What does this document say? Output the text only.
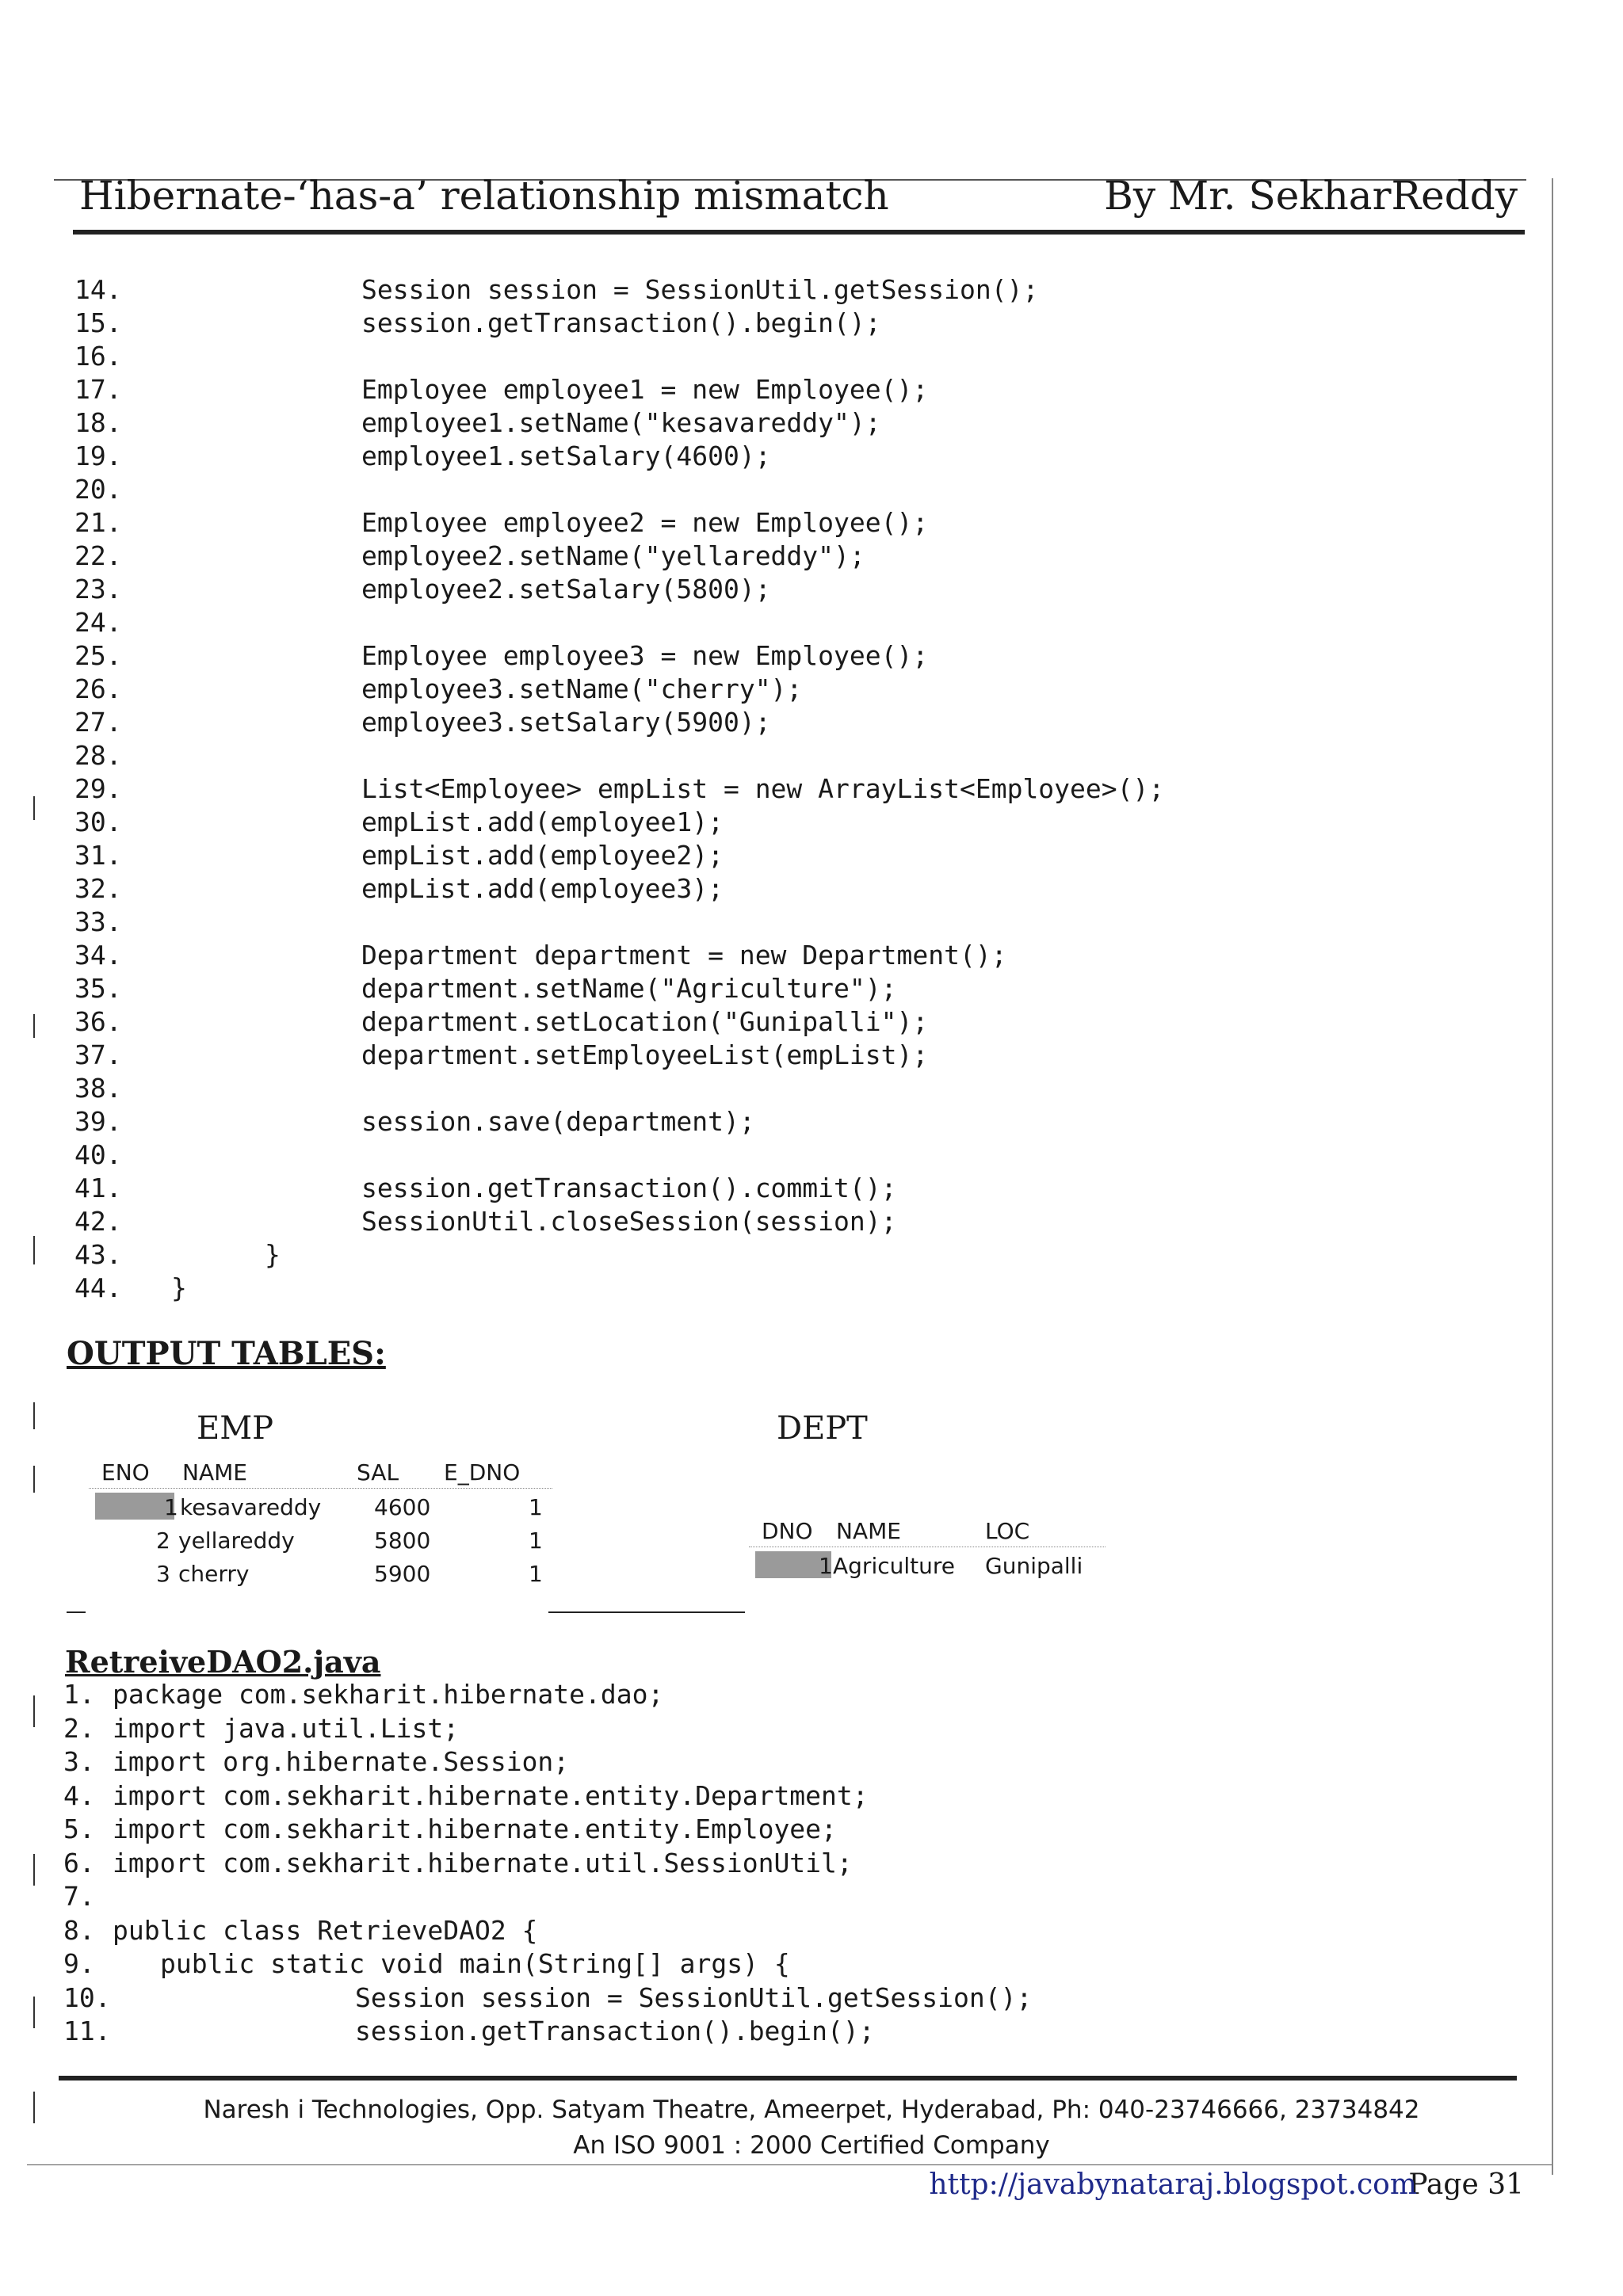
Hibernate-‘has-a’ relationship mismatch	By Mr. SekharReddy
14.	Session session = SessionUtil.getSession();
15.	session.getTransaction().begin();
16.
17.	Employee employee1 = new Employee();
18.	employee1.setName("kesavareddy");
19.	employee1.setSalary(4600);
20.
21.	Employee employee2 = new Employee();
22.	employee2.setName("yellareddy");
23.	employee2.setSalary(5800);
24.
25.	Employee employee3 = new Employee();
26.	employee3.setName("cherry");
27.	employee3.setSalary(5900);
28.
29.	List<Employee> empList = new ArrayList<Employee>();
30.	empList.add(employee1);
31.	empList.add(employee2);
32.	empList.add(employee3);
33.
34.	Department department = new Department();
35.	department.setName("Agriculture");
36.	department.setLocation("Gunipalli");
37.	department.setEmployeeList(empList);
38.
39.	session.save(department);
40.
41.	session.getTransaction().commit();
42.	SessionUtil.closeSession(session);
43.	}
44. }
OUTPUT TABLES:
EMP
ENO NAME	SAL E_DNO
1 kesavareddy 4600	1
2 yellareddy	5800	1
3 cherry	5900	1
DEPT
DNO NAME	LOC
1 Agriculture Gunipalli
RetreiveDAO2.java
1. package com.sekharit.hibernate.dao;
2. import java.util.List;
3. import org.hibernate.Session;
4. import com.sekharit.hibernate.entity.Department;
5. import com.sekharit.hibernate.entity.Employee;
6. import com.sekharit.hibernate.util.SessionUtil;
7.
8. public class RetrieveDAO2 {
9. public static void main(String[] args) {
10.	Session session = SessionUtil.getSession();
11.	session.getTransaction().begin();
Naresh i Technologies, Opp. Satyam Theatre, Ameerpet, Hyderabad, Ph: 040-23746666, 23734842
An ISO 9001 : 2000 Certified Company
Page 31
http://javabynataraj.blogspot.com
